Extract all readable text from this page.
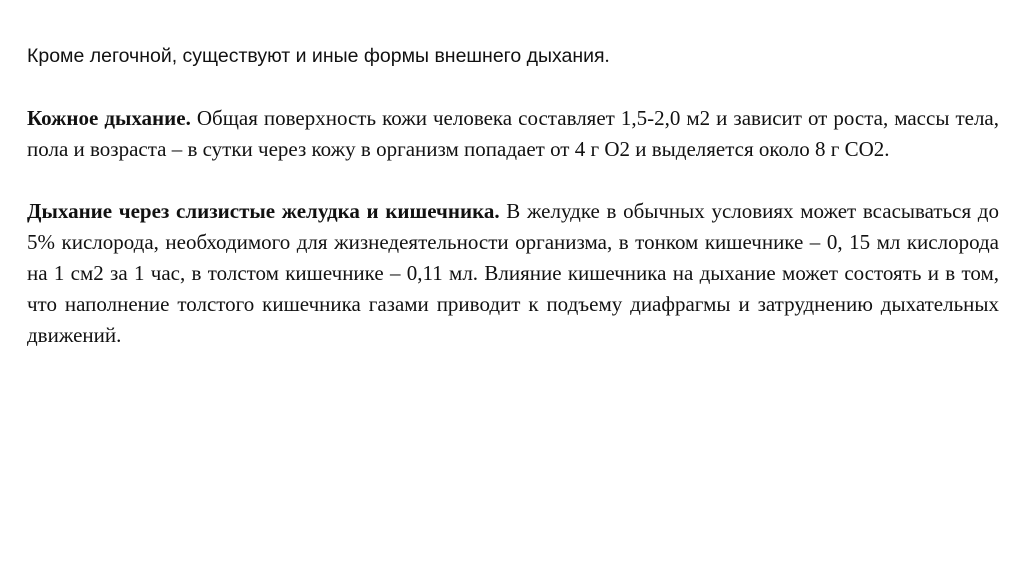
Кроме легочной, существуют и иные формы внешнего дыхания.

Кожное дыхание. Общая поверхность кожи человека составляет 1,5-2,0 м2 и зависит от роста, массы тела, пола и возраста – в сутки через кожу в организм попадает от 4 г О2 и выделяется около 8 г СО2.

Дыхание через слизистые желудка и кишечника. В желудке в обычных условиях может всасываться до 5% кислорода, необходимого для жизнедеятельности организма, в тонком кишечнике – 0, 15 мл кислорода на 1 см2 за 1 час, в толстом кишечнике – 0,11 мл. Влияние кишечника на дыхание может состоять и в том, что наполнение толстого кишечника газами приводит к подъему диафрагмы и затруднению дыхательных движений.
